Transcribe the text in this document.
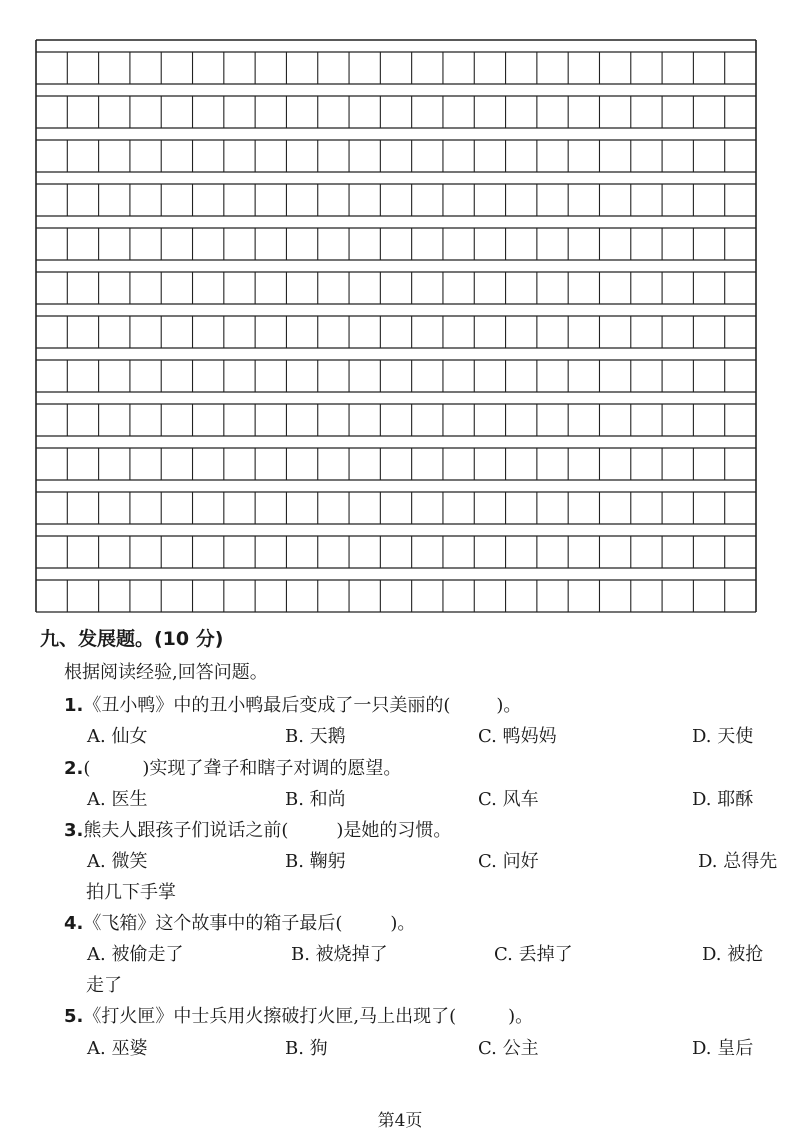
九、发展题。(10 分)
根据阅读经验,回答问题。
1.《丑小鸭》中的丑小鸭最后变成了一只美丽的(	)。
A. 仙女	B. 天鹅	C. 鸭妈妈	D. 天使
2.(	)实现了聋子和瞎子对调的愿望。
A. 医生	B. 和尚	C. 风车	D. 耶酥
3.熊夫人跟孩子们说话之前(	)是她的习惯。
A. 微笑	B. 鞠躬	C. 问好	D. 总得先
拍几下手掌
4.《飞箱》这个故事中的箱子最后(	)。
A. 被偷走了	B. 被烧掉了	C. 丢掉了	D. 被抢
走了
5.《打火匣》中士兵用火擦破打火匣,马上出现了(	)。
A. 巫婆	B. 狗	C. 公主	D. 皇后
第4页
